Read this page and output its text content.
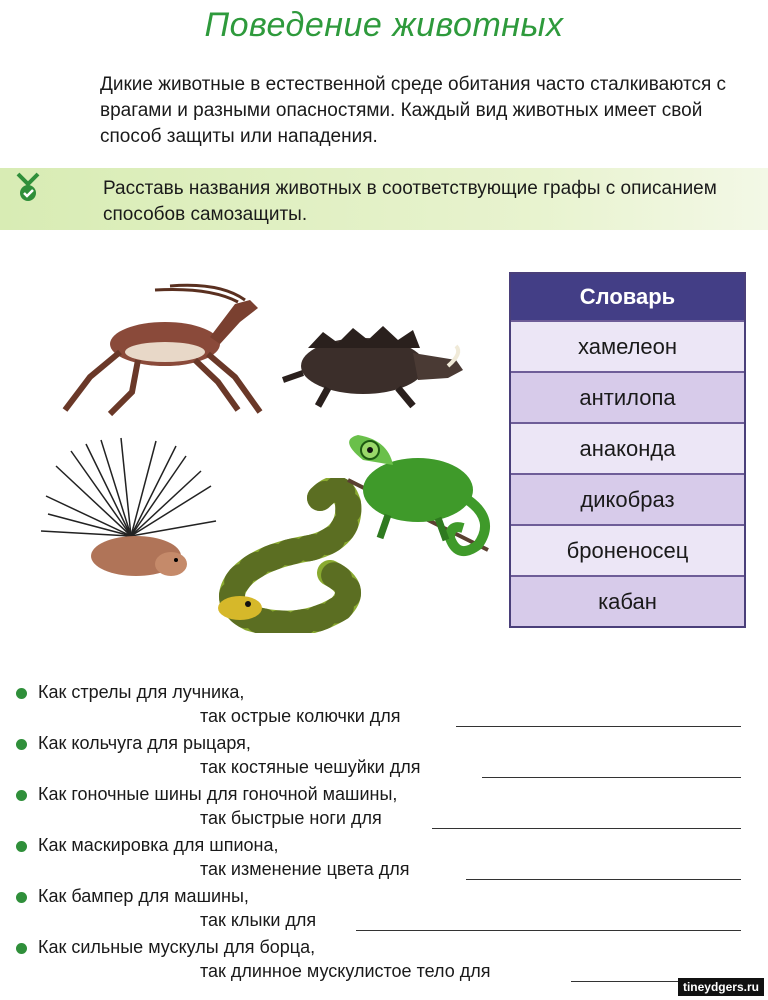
Поведение животных
Дикие животные в естественной среде обитания часто сталкиваются с врагами и разными опасностями. Каждый вид животных имеет свой способ защиты или нападения.
Расставь названия животных в соответствующие графы с описанием способов самозащиты.
Словарь
хамелеон
антилопа
анаконда
дикобраз
броненосец
кабан
Как стрелы для лучника,
так острые колючки для
Как кольчуга для рыцаря,
так костяные чешуйки для
Как гоночные шины для гоночной машины,
так быстрые ноги для
Как маскировка для шпиона,
так изменение цвета для
Как бампер для машины,
так клыки для
Как сильные мускулы для борца,
так длинное мускулистое тело для
tineydgers.ru
